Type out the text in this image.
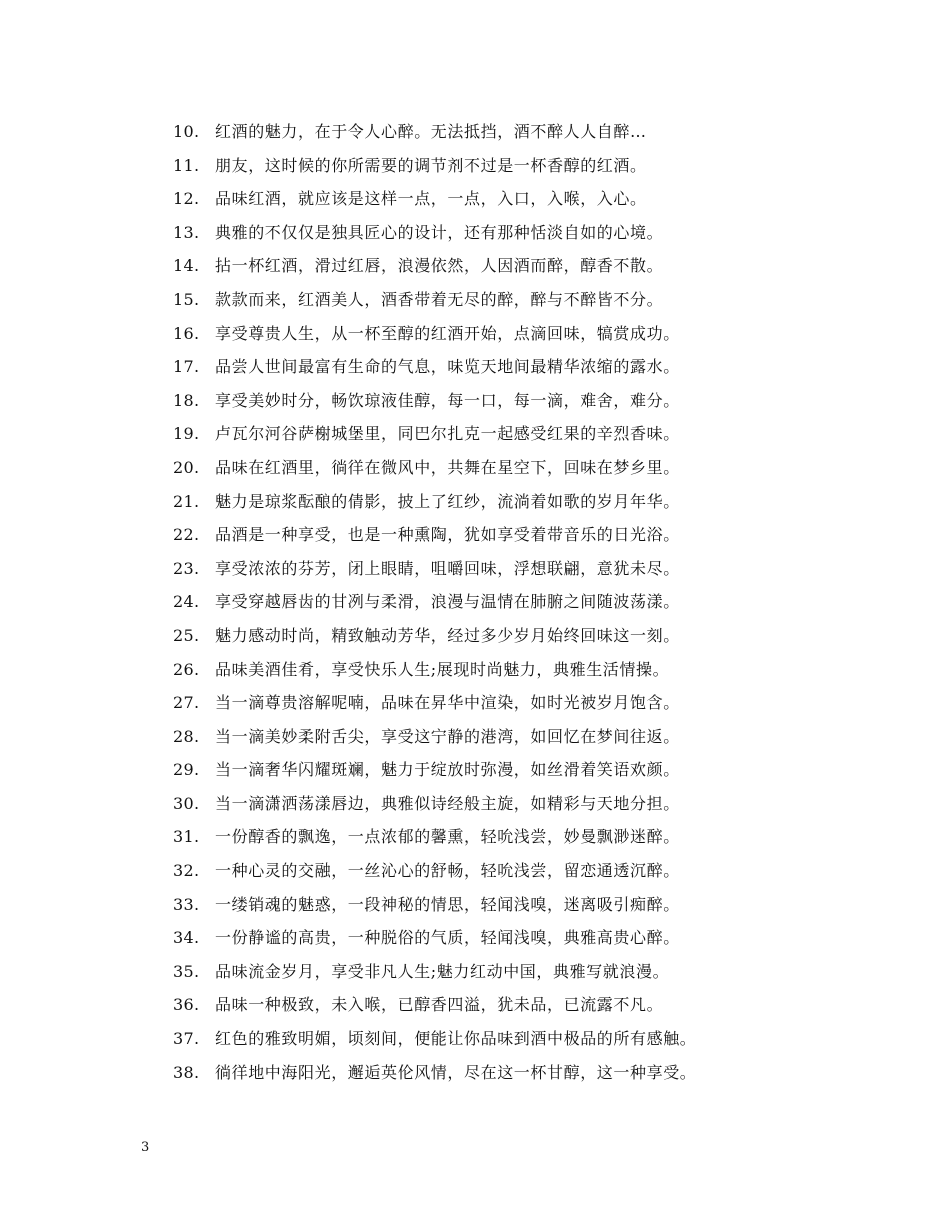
10. 红酒的魅力，在于令人心醉。无法抵挡，酒不醉人人自醉…
11. 朋友，这时候的你所需要的调节剂不过是一杯香醇的红酒。
12. 品味红酒，就应该是这样一点，一点，入口，入喉，入心。
13. 典雅的不仅仅是独具匠心的设计，还有那种恬淡自如的心境。
14. 拈一杯红酒，滑过红唇，浪漫依然，人因酒而醉，醇香不散。
15. 款款而来，红酒美人，酒香带着无尽的醉，醉与不醉皆不分。
16. 享受尊贵人生，从一杯至醇的红酒开始，点滴回味，犒赏成功。
17. 品尝人世间最富有生命的气息，味览天地间最精华浓缩的露水。
18. 享受美妙时分，畅饮琼液佳醇，每一口，每一滴，难舍，难分。
19. 卢瓦尔河谷萨榭城堡里，同巴尔扎克一起感受红果的辛烈香味。
20. 品味在红酒里，徜徉在微风中，共舞在星空下，回味在梦乡里。
21. 魅力是琼浆酝酿的倩影，披上了红纱，流淌着如歌的岁月年华。
22. 品酒是一种享受，也是一种熏陶，犹如享受着带音乐的日光浴。
23. 享受浓浓的芬芳，闭上眼睛，咀嚼回味，浮想联翩，意犹未尽。
24. 享受穿越唇齿的甘冽与柔滑，浪漫与温情在肺腑之间随波荡漾。
25. 魅力感动时尚，精致触动芳华，经过多少岁月始终回味这一刻。
26. 品味美酒佳肴，享受快乐人生;展现时尚魅力，典雅生活情操。
27. 当一滴尊贵溶解呢喃，品味在昇华中渲染，如时光被岁月饱含。
28. 当一滴美妙柔附舌尖，享受这宁静的港湾，如回忆在梦间往返。
29. 当一滴奢华闪耀斑斓，魅力于绽放时弥漫，如丝滑着笑语欢颜。
30. 当一滴潇洒荡漾唇边，典雅似诗经般主旋，如精彩与天地分担。
31. 一份醇香的飘逸，一点浓郁的馨熏，轻吮浅尝，妙曼飘渺迷醉。
32. 一种心灵的交融，一丝沁心的舒畅，轻吮浅尝，留恋通透沉醉。
33. 一缕销魂的魅惑，一段神秘的情思，轻闻浅嗅，迷离吸引痴醉。
34. 一份静谧的高贵，一种脱俗的气质，轻闻浅嗅，典雅高贵心醉。
35. 品味流金岁月，享受非凡人生;魅力红动中国，典雅写就浪漫。
36. 品味一种极致，未入喉，已醇香四溢，犹未品，已流露不凡。
37. 红色的雅致明媚，顷刻间，便能让你品味到酒中极品的所有感触。
38. 徜徉地中海阳光，邂逅英伦风情，尽在这一杯甘醇，这一种享受。
3
